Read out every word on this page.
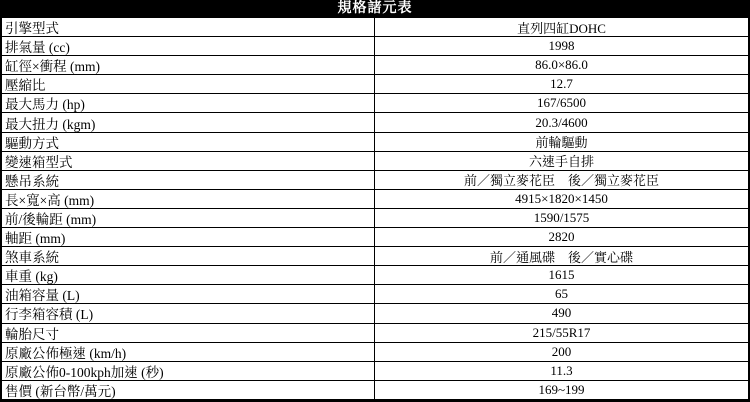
規格諸元表
引擎型式	直列四缸DOHC
排氣量 (cc)	1998
缸徑×衝程 (mm)	86.0×86.0
壓縮比	12.7
最大馬力 (hp)	167/6500
最大扭力 (kgm)	20.3/4600
驅動方式	前輪驅動
變速箱型式	六速手自排
懸吊系統	前／獨立麥花臣　後／獨立麥花臣
長×寬×高 (mm)	4915×1820×1450
前/後輪距 (mm)	1590/1575
軸距 (mm)	2820
煞車系統	前／通風碟　後／實心碟
車重 (kg)	1615
油箱容量 (L)	65
行李箱容積 (L)	490
輪胎尺寸	215/55R17
原廠公佈極速 (km/h)	200
原廠公佈0-100kph加速 (秒)	11.3
售價 (新台幣/萬元)	169~199
